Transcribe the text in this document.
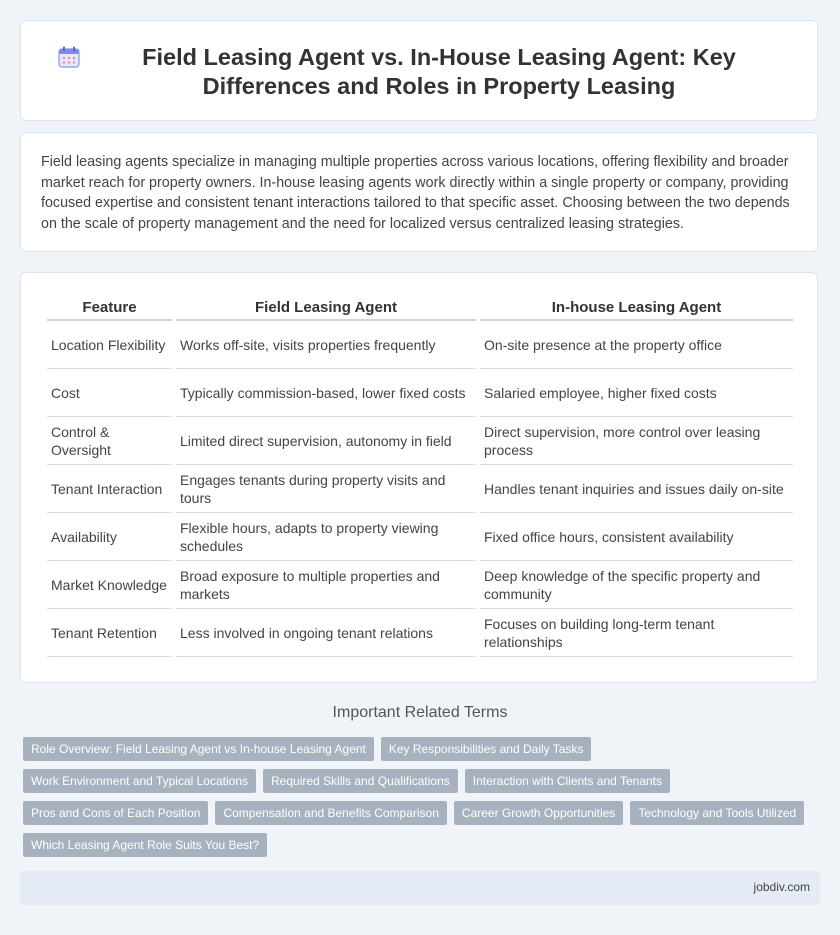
Field Leasing Agent vs. In-House Leasing Agent: Key Differences and Roles in Property Leasing

Field leasing agents specialize in managing multiple properties across various locations, offering flexibility and broader market reach for property owners. In-house leasing agents work directly within a single property or company, providing focused expertise and consistent tenant interactions tailored to that specific asset. Choosing between the two depends on the scale of property management and the need for localized versus centralized leasing strategies.

Feature	Field Leasing Agent	In-house Leasing Agent
Location Flexibility	Works off-site, visits properties frequently	On-site presence at the property office
Cost	Typically commission-based, lower fixed costs	Salaried employee, higher fixed costs
Control & Oversight	Limited direct supervision, autonomy in field	Direct supervision, more control over leasing process
Tenant Interaction	Engages tenants during property visits and tours	Handles tenant inquiries and issues daily on-site
Availability	Flexible hours, adapts to property viewing schedules	Fixed office hours, consistent availability
Market Knowledge	Broad exposure to multiple properties and markets	Deep knowledge of the specific property and community
Tenant Retention	Less involved in ongoing tenant relations	Focuses on building long-term tenant relationships
Important Related Terms
Role Overview: Field Leasing Agent vs In-house Leasing Agent	Key Responsibilities and Daily Tasks
Work Environment and Typical Locations	Required Skills and Qualifications	Interaction with Clients and Tenants
Pros and Cons of Each Position	Compensation and Benefits Comparison	Career Growth Opportunities	Technology and Tools Utilized
Which Leasing Agent Role Suits You Best?
jobdiv.com
